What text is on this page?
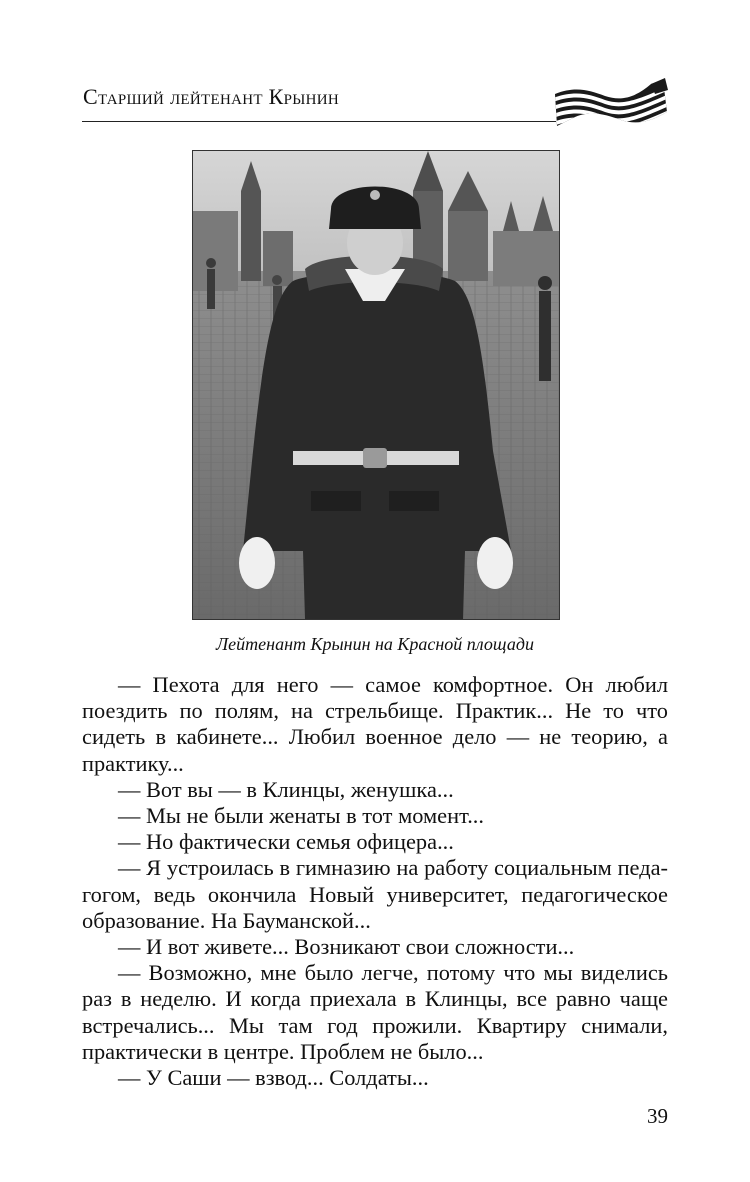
Старший лейтенант Крынин
Лейтенант Крынин на Красной площади

— Пехота для него — самое комфортное. Он любил поездить по полям, на стрельбище. Практик... Не то что сидеть в кабинете... Любил военное дело — не теорию, а практику...

— Вот вы — в Клинцы, женушка...

— Мы не были женаты в тот момент...

— Но фактически семья офицера...

— Я устроилась в гимназию на работу социальным педагогом, ведь окончила Новый университет, педагогическое образование. На Бауманской...

— И вот живете... Возникают свои сложности...

— Возможно, мне было легче, потому что мы виделись раз в неделю. И когда приехала в Клинцы, все равно чаще встречались... Мы там год прожили. Квартиру снимали, практически в центре. Проблем не было...

— У Саши — взвод... Солдаты...

39
